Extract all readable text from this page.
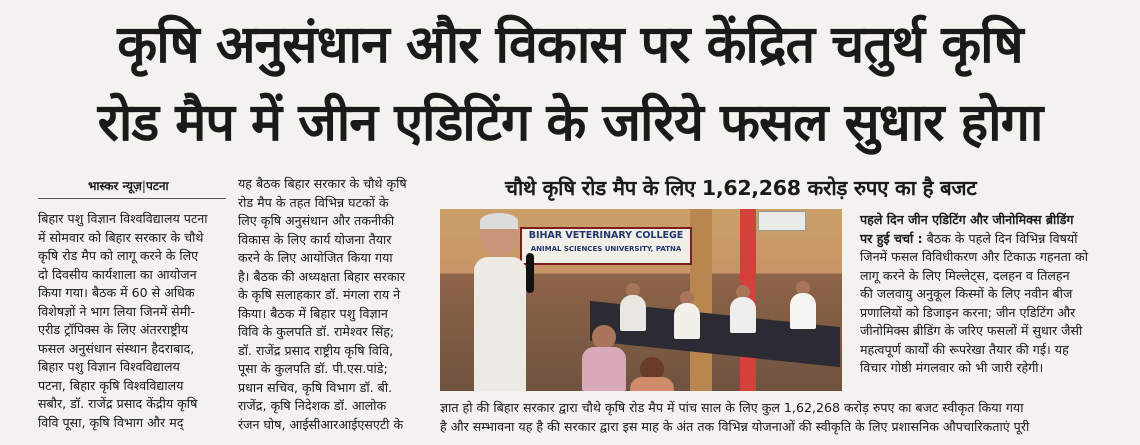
कृषि अनुसंधान और विकास पर केंद्रित चतुर्थ कृषि
रोड मैप में जीन एडिटिंग के जरिये फसल सुधार होगा
भास्कर न्यूज़|पटना
बिहार पशु विज्ञान विश्वविद्यालय पटना
में सोमवार को बिहार सरकार के चौथे
कृषि रोड मैप को लागू करने के लिए
दो दिवसीय कार्यशाला का आयोजन
किया गया। बैठक में 60 से अधिक
विशेषज्ञों ने भाग लिया जिनमें सेमी-
एरीड ट्रॉपिक्स के लिए अंतरराष्ट्रीय
फसल अनुसंधान संस्थान हैदराबाद,
बिहार पशु विज्ञान विश्वविद्यालय
पटना, बिहार कृषि विश्वविद्यालय
सबौर, डॉ. राजेंद्र प्रसाद केंद्रीय कृषि
विवि पूसा, कृषि विभाग और मद्
यह बैठक बिहार सरकार के चौथे कृषि
रोड मैप के तहत विभिन्न घटकों के
लिए कृषि अनुसंधान और तकनीकी
विकास के लिए कार्य योजना तैयार
करने के लिए आयोजित किया गया
है। बैठक की अध्यक्षता बिहार सरकार
के कृषि सलाहकार डॉ. मंगला राय ने
किया। बैठक में बिहार पशु विज्ञान
विवि के कुलपति डॉ. रामेश्वर सिंह;
डॉ. राजेंद्र प्रसाद राष्ट्रीय कृषि विवि,
पूसा के कुलपति डॉ. पी.एस.पांडे;
प्रधान सचिव, कृषि विभाग डॉ. बी.
राजेंद्र, कृषि निदेशक डॉ. आलोक
रंजन घोष, आईसीआरआईएसएटी के
चौथे कृषि रोड मैप के लिए 1,62,268 करोड़ रुपए का है बजट
BIHAR VETERINARY COLLEGE
ANIMAL SCIENCES UNIVERSITY, PATNA
पहले दिन जीन एडिटिंग और जीनोमिक्स ब्रीडिंग
पर हुई चर्चा : बैठक के पहले दिन विभिन्न विषयों
जिनमें फसल विविधीकरण और टिकाऊ गहनता को
लागू करने के लिए मिल्लेट्स, दलहन व तिलहन
की जलवायु अनुकूल किस्मों के लिए नवीन बीज
प्रणालियों को डिजाइन करना; जीन एडिटिंग और
जीनोमिक्स ब्रीडिंग के जरिए फसलों में सुधार जैसी
महत्वपूर्ण कार्यों की रूपरेखा तैयार की गई। यह
विचार गोष्ठी मंगलवार को भी जारी रहेगी।
ज्ञात हो की बिहार सरकार द्वारा चौथे कृषि रोड मैप में पांच साल के लिए कुल 1,62,268 करोड़ रुपए का बजट स्वीकृत किया गया
है और सम्भावना यह है की सरकार द्वारा इस माह के अंत तक विभिन्न योजनाओं की स्वीकृति के लिए प्रशासनिक औपचारिकताएं पूरी
